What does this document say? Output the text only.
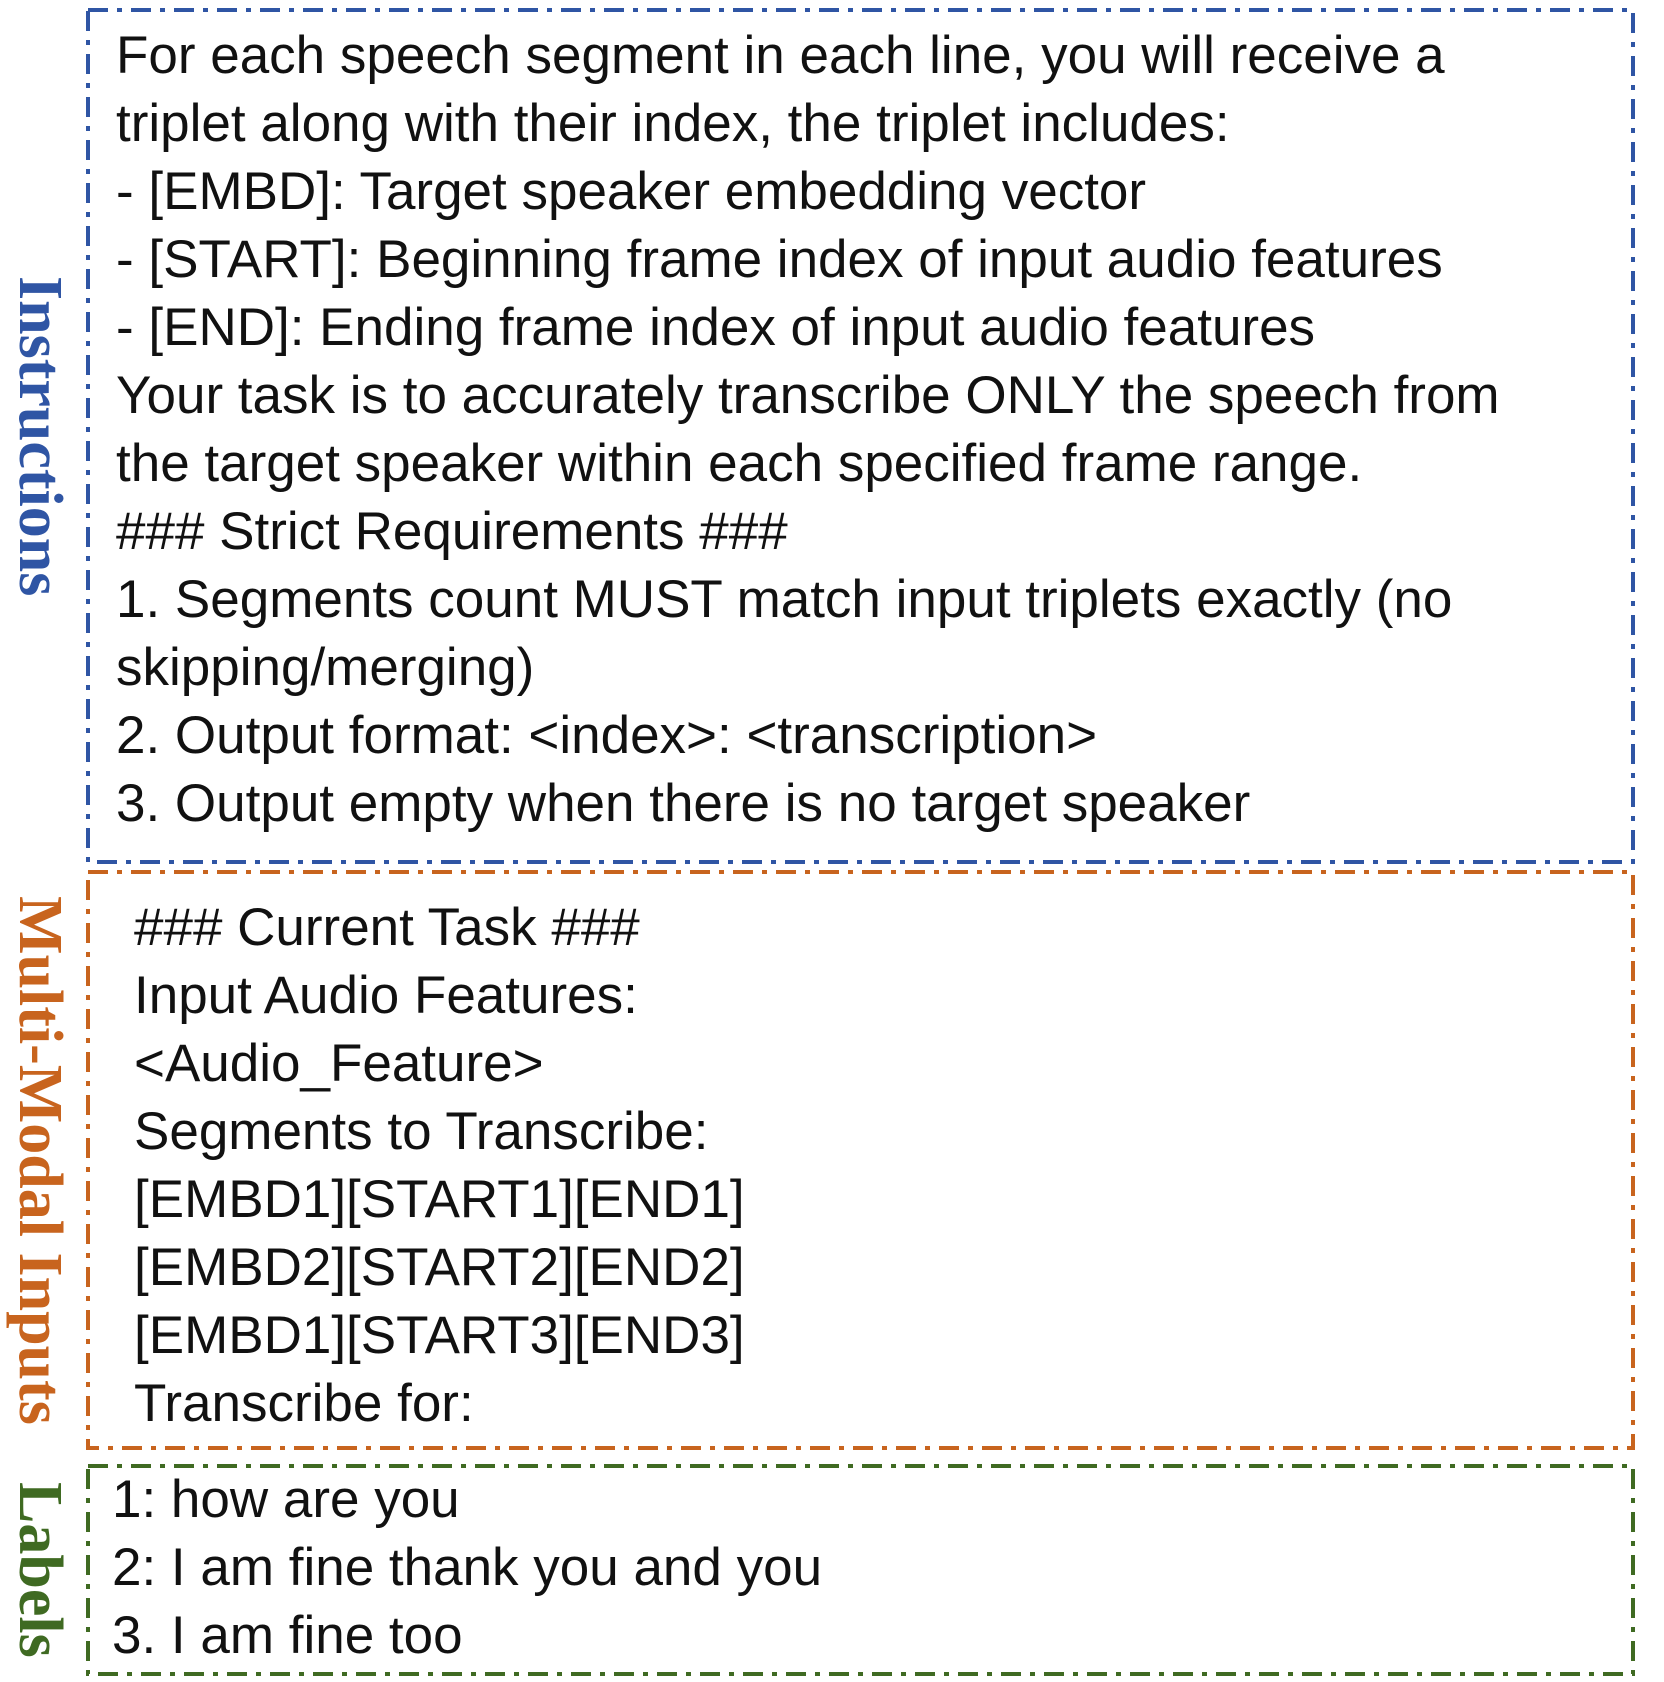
Instructions
Multi-Modal Inputs
Labels
For each speech segment in each line, you will receive a
triplet along with their index, the triplet includes:
- [EMBD]: Target speaker embedding vector
- [START]: Beginning frame index of input audio features
- [END]: Ending frame index of input audio features
Your task is to accurately transcribe ONLY the speech from
the target speaker within each specified frame range.
### Strict Requirements ###
1. Segments count MUST match input triplets exactly (no
skipping/merging)
2. Output format: <index>: <transcription>
3. Output empty when there is no target speaker
### Current Task ###
Input Audio Features:
<Audio_Feature>
Segments to Transcribe:
[EMBD1][START1][END1]
[EMBD2][START2][END2]
[EMBD1][START3][END3]
Transcribe for:
1: how are you
2: I am fine thank you and you
3. I am fine too
